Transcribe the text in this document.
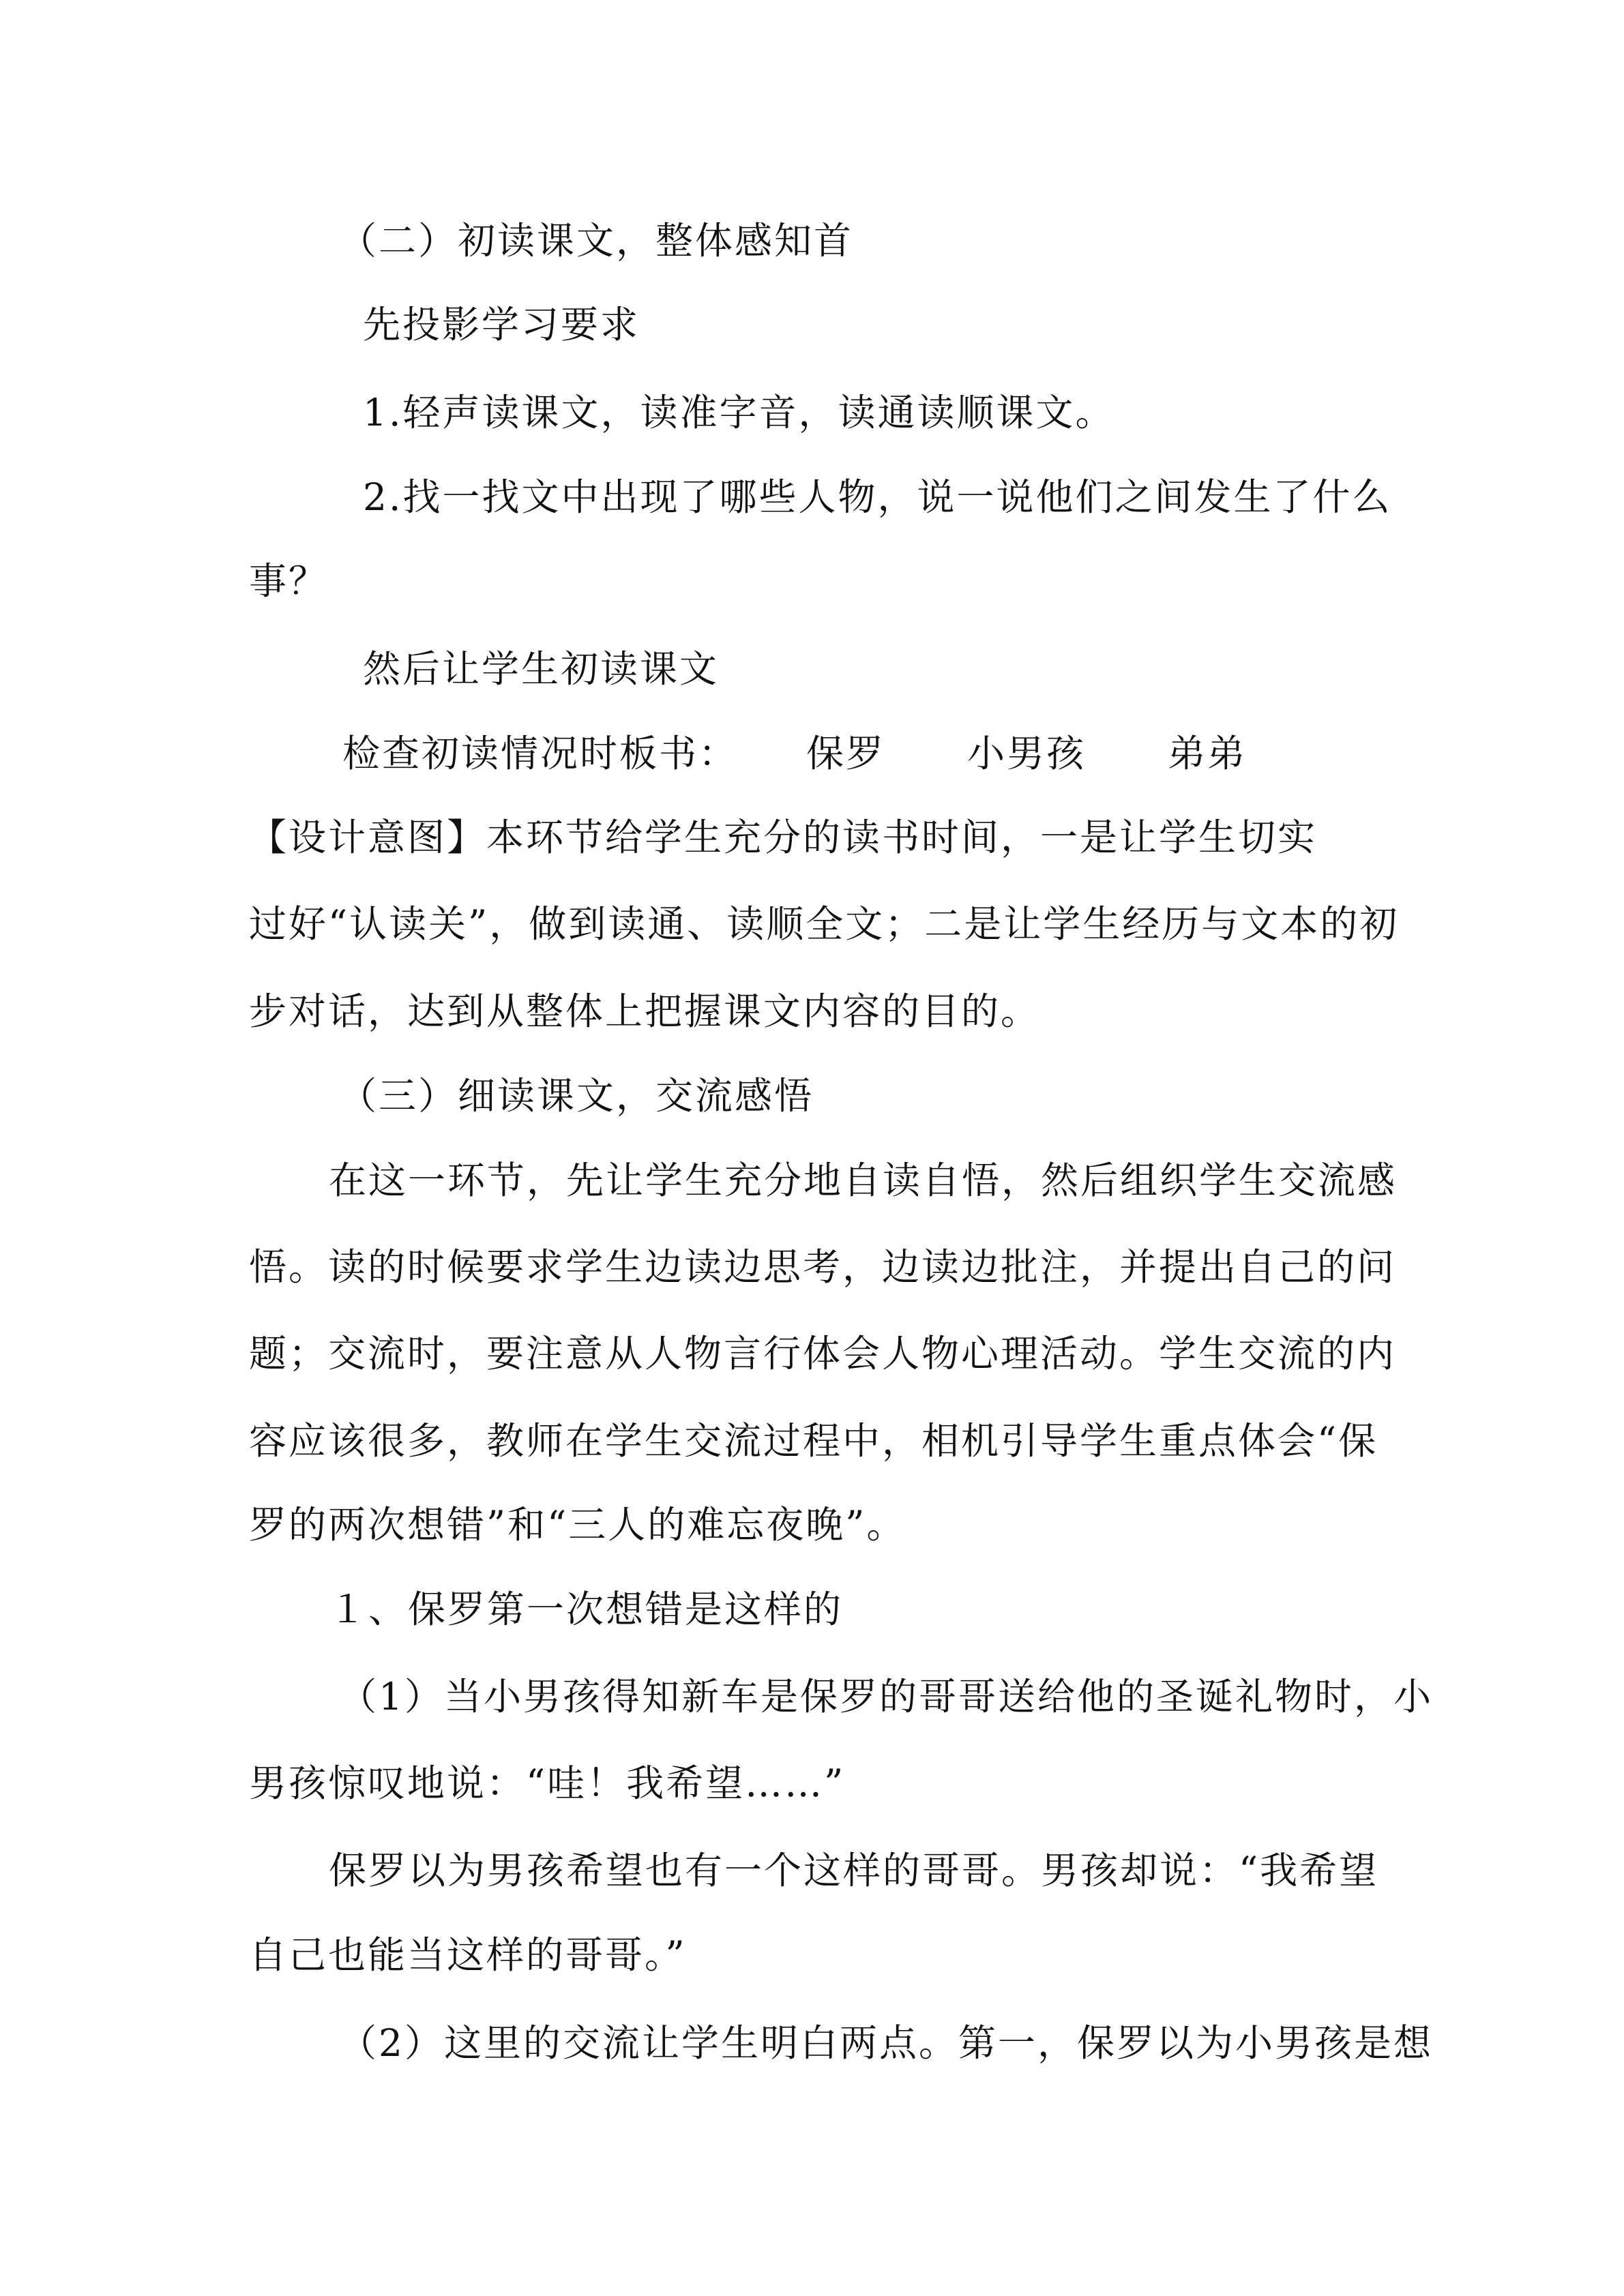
（二）初读课文，整体感知首
先投影学习要求
1.轻声读课文，读准字音，读通读顺课文。
2.找一找文中出现了哪些人物，说一说他们之间发生了什么
事？
然后让学生初读课文
检查初读情况时板书： 保罗 小男孩 弟弟
【设计意图】本环节给学生充分的读书时间，一是让学生切实
过好“认读关”，做到读通、读顺全文；二是让学生经历与文本的初
步对话，达到从整体上把握课文内容的目的。
（三）细读课文，交流感悟
在这一环节，先让学生充分地自读自悟，然后组织学生交流感
悟。读的时候要求学生边读边思考，边读边批注，并提出自己的问
题；交流时，要注意从人物言行体会人物心理活动。学生交流的内
容应该很多，教师在学生交流过程中，相机引导学生重点体会“保
罗的两次想错”和“三人的难忘夜晚”。
１、保罗第一次想错是这样的
（1）当小男孩得知新车是保罗的哥哥送给他的圣诞礼物时，小
男孩惊叹地说：“哇！我希望……”
保罗以为男孩希望也有一个这样的哥哥。男孩却说：“我希望
自己也能当这样的哥哥。”
（2）这里的交流让学生明白两点。第一，保罗以为小男孩是想
